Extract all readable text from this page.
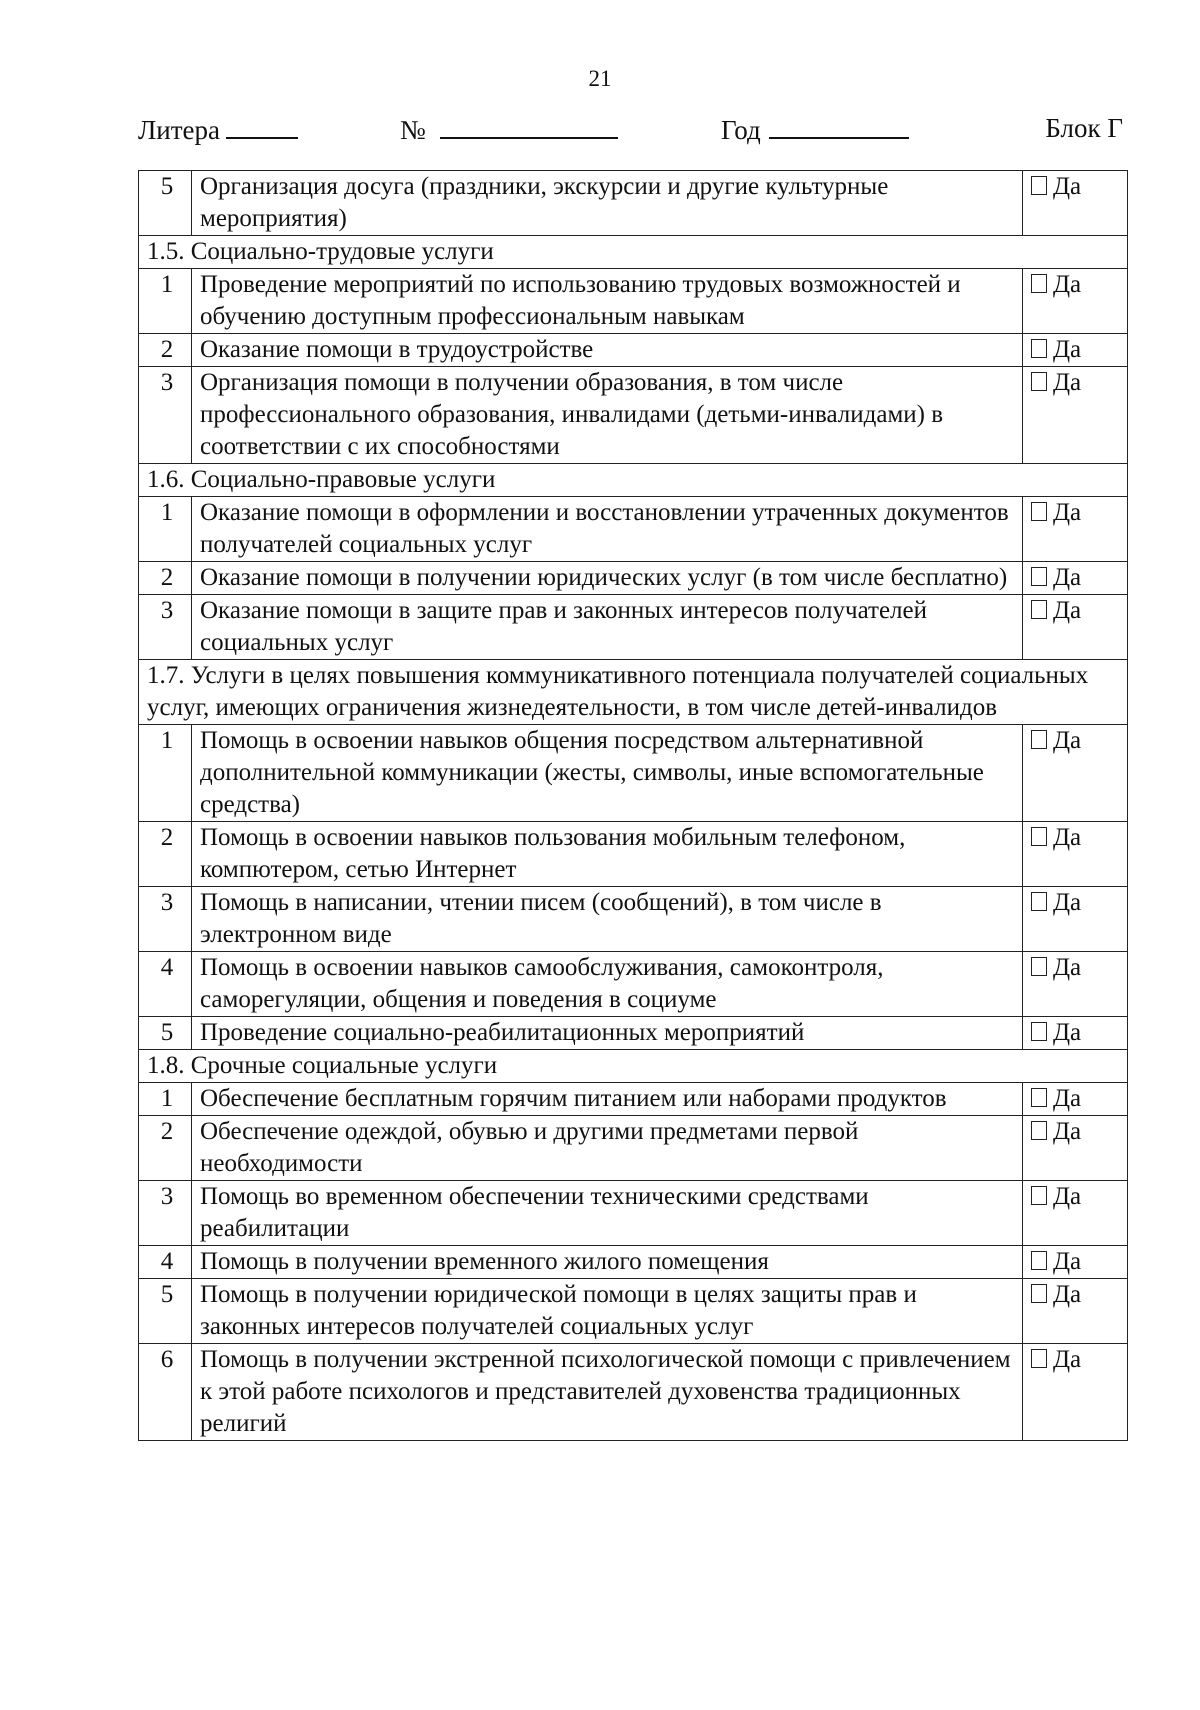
21
Литера	№	Год	Блок Г
5	Организация досуга (праздники, экскурсии и другие культурные мероприятия)	Да
1.5. Социально-трудовые услуги		
1	Проведение мероприятий по использованию трудовых возможностей и обучению доступным профессиональным навыкам	Да
2	Оказание помощи в трудоустройстве	Да
3	Организация помощи в получении образования, в том числе профессионального образования, инвалидами (детьми-инвалидами) в соответствии с их способностями	Да
1.6. Социально-правовые услуги		
1	Оказание помощи в оформлении и восстановлении утраченных документов получателей социальных услуг	Да
2	Оказание помощи в получении юридических услуг (в том числе бесплатно)	Да
3	Оказание помощи в защите прав и законных интересов получателей социальных услуг	Да
1.7. Услуги в целях повышения коммуникативного потенциала получателей социальных услуг, имеющих ограничения жизнедеятельности, в том числе детей-инвалидов		
1	Помощь в освоении навыков общения посредством альтернативной дополнительной коммуникации (жесты, символы, иные вспомогательные средства)	Да
2	Помощь в освоении навыков пользования мобильным телефоном, компютером, сетью Интернет	Да
3	Помощь в написании, чтении писем (сообщений), в том числе в электронном виде	Да
4	Помощь в освоении навыков самообслуживания, самоконтроля, саморегуляции, общения и поведения в социуме	Да
5	Проведение социально-реабилитационных мероприятий	Да
1.8. Срочные социальные услуги		
1	Обеспечение бесплатным горячим питанием или наборами продуктов	Да
2	Обеспечение одеждой, обувью и другими предметами первой необходимости	Да
3	Помощь во временном обеспечении техническими средствами реабилитации	Да
4	Помощь в получении временного жилого помещения	Да
5	Помощь в получении юридической помощи в целях защиты прав и законных интересов получателей социальных услуг	Да
6	Помощь в получении экстренной психологической помощи с привлечением к этой работе психологов и представителей духовенства традиционных религий	Да
